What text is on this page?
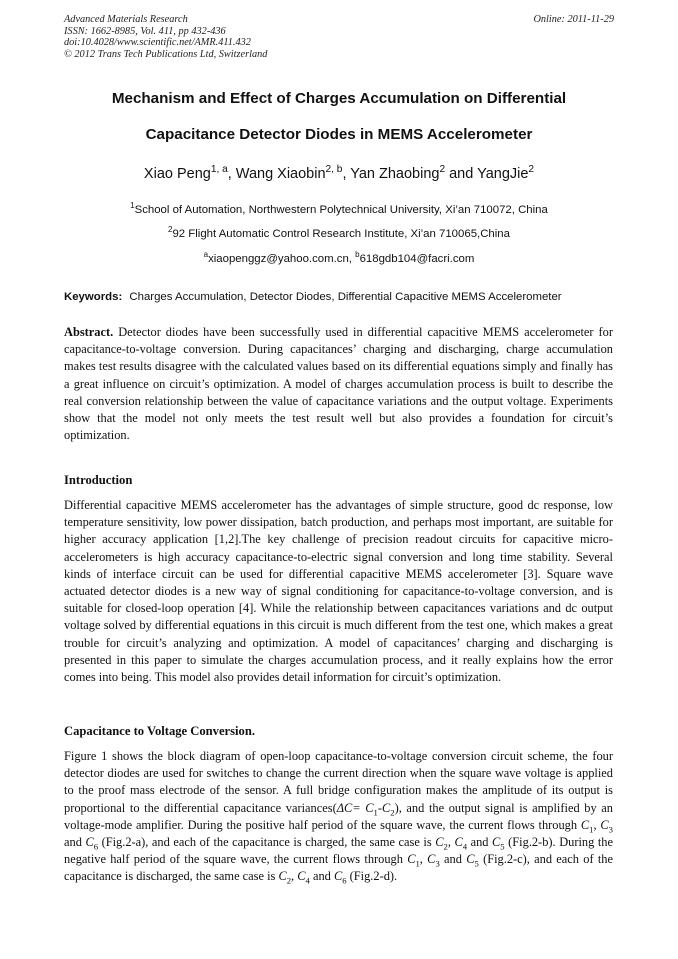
Advanced Materials Research
ISSN: 1662-8985, Vol. 411, pp 432-436
doi:10.4028/www.scientific.net/AMR.411.432
© 2012 Trans Tech Publications Ltd, Switzerland
Online: 2011-11-29
Mechanism and Effect of Charges Accumulation on Differential
Capacitance Detector Diodes in MEMS Accelerometer
Xiao Peng$^{1, a}$, Wang Xiaobin$^{2, b}$, Yan Zhaobing$^2$ and YangJie$^2$
$^1$School of Automation, Northwestern Polytechnical University, Xi’an 710072, China
$^2$92 Flight Automatic Control Research Institute, Xi’an 710065,China
$^a$xiaopenggz@yahoo.com.cn, $^b$618gdb104@facri.com
Keywords: Charges Accumulation, Detector Diodes, Differential Capacitive MEMS Accelerometer
Abstract. Detector diodes have been successfully used in differential capacitive MEMS accelerometer for capacitance-to-voltage conversion. During capacitances’ charging and discharging, charge accumulation makes test results disagree with the calculated values based on its differential equations simply and finally has a great influence on circuit’s optimization. A model of charges accumulation process is built to describe the real conversion relationship between the value of capacitance variations and the output voltage. Experiments show that the model not only meets the test result well but also provides a foundation for circuit’s optimization.
Introduction
Differential capacitive MEMS accelerometer has the advantages of simple structure, good dc response, low temperature sensitivity, low power dissipation, batch production, and perhaps most important, are suitable for higher accuracy application [1,2].The key challenge of precision readout circuits for capacitive micro-accelerometers is high accuracy capacitance-to-electric signal conversion and long time stability. Several kinds of interface circuit can be used for differential capacitive MEMS accelerometer [3]. Square wave actuated detector diodes is a new way of signal conditioning for capacitance-to-voltage conversion, and is suitable for closed-loop operation [4]. While the relationship between capacitances variations and dc output voltage solved by differential equations in this circuit is much different from the test one, which makes a great trouble for circuit’s analyzing and optimization. A model of capacitances’ charging and discharging is presented in this paper to simulate the charges accumulation process, and it really explains how the error comes into being. This model also provides detail information for circuit’s optimization.
Capacitance to Voltage Conversion.
Figure 1 shows the block diagram of open-loop capacitance-to-voltage conversion circuit scheme, the four detector diodes are used for switches to change the current direction when the square wave voltage is applied to the proof mass electrode of the sensor. A full bridge configuration makes the amplitude of its output is proportional to the differential capacitance variances(ΔC= $C_1-C_2$), and the output signal is amplified by an voltage-mode amplifier. During the positive half period of the square wave, the current flows through $C_1$, $C_3$ and $C_6$ (Fig.2-a), and each of the capacitance is charged, the same case is $C_2$, $C_4$ and $C_5$ (Fig.2-b). During the negative half period of the square wave, the current flows through $C_1$, $C_3$ and $C_5$ (Fig.2-c), and each of the capacitance is discharged, the same case is $C_2$, $C_4$ and $C_6$ (Fig.2-d).
